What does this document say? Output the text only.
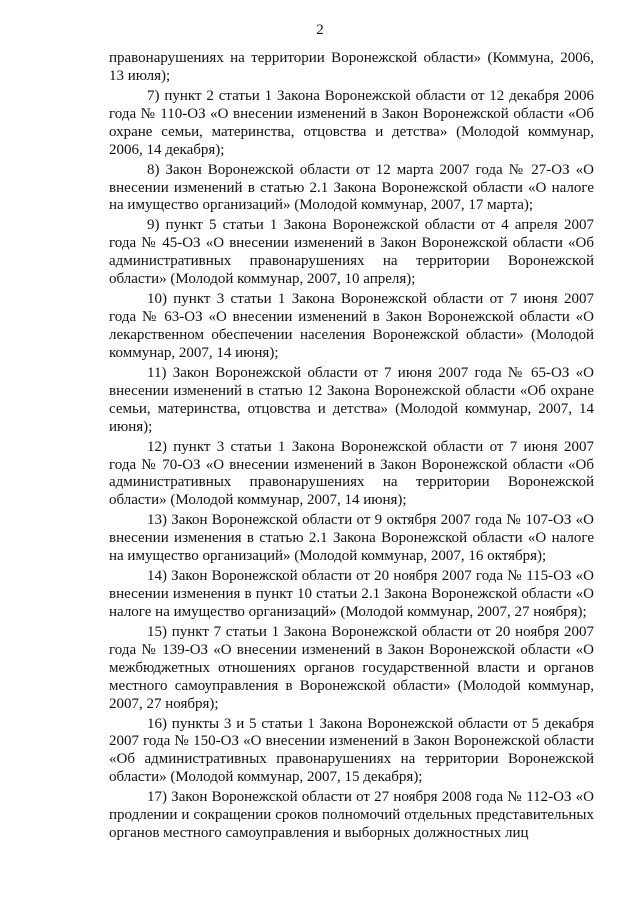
2

правонарушениях на территории Воронежской области» (Коммуна, 2006, 13 июля);

7) пункт 2 статьи 1 Закона Воронежской области от 12 декабря 2006 года № 110-ОЗ «О внесении изменений в Закон Воронежской области «Об охране семьи, материнства, отцовства и детства» (Молодой коммунар, 2006, 14 декабря);

8) Закон Воронежской области от 12 марта 2007 года № 27-ОЗ «О внесении изменений в статью 2.1 Закона Воронежской области «О налоге на имущество организаций» (Молодой коммунар, 2007, 17 марта);

9) пункт 5 статьи 1 Закона Воронежской области от 4 апреля 2007 года № 45-ОЗ «О внесении изменений в Закон Воронежской области «Об административных правонарушениях на территории Воронежской области» (Молодой коммунар, 2007, 10 апреля);

10) пункт 3 статьи 1 Закона Воронежской области от 7 июня 2007 года № 63-ОЗ «О внесении изменений в Закон Воронежской области «О лекарственном обеспечении населения Воронежской области» (Молодой коммунар, 2007, 14 июня);

11) Закон Воронежской области от 7 июня 2007 года № 65-ОЗ «О внесении изменений в статью 12 Закона Воронежской области «Об охране семьи, материнства, отцовства и детства» (Молодой коммунар, 2007, 14 июня);

12) пункт 3 статьи 1 Закона Воронежской области от 7 июня 2007 года № 70-ОЗ «О внесении изменений в Закон Воронежской области «Об административных правонарушениях на территории Воронежской области» (Молодой коммунар, 2007, 14 июня);

13) Закон Воронежской области от 9 октября 2007 года № 107-ОЗ «О внесении изменения в статью 2.1 Закона Воронежской области «О налоге на имущество организаций» (Молодой коммунар, 2007, 16 октября);

14) Закон Воронежской области от 20 ноября 2007 года № 115-ОЗ «О внесении изменения в пункт 10 статьи 2.1 Закона Воронежской области «О налоге на имущество организаций» (Молодой коммунар, 2007, 27 ноября);

15) пункт 7 статьи 1 Закона Воронежской области от 20 ноября 2007 года № 139-ОЗ «О внесении изменений в Закон Воронежской области «О межбюджетных отношениях органов государственной власти и органов местного самоуправления в Воронежской области» (Молодой коммунар, 2007, 27 ноября);

16) пункты 3 и 5 статьи 1 Закона Воронежской области от 5 декабря 2007 года № 150-ОЗ «О внесении изменений в Закон Воронежской области «Об административных правонарушениях на территории Воронежской области» (Молодой коммунар, 2007, 15 декабря);

17) Закон Воронежской области от 27 ноября 2008 года № 112-ОЗ «О продлении и сокращении сроков полномочий отдельных представительных органов местного самоуправления и выборных должностных лиц
